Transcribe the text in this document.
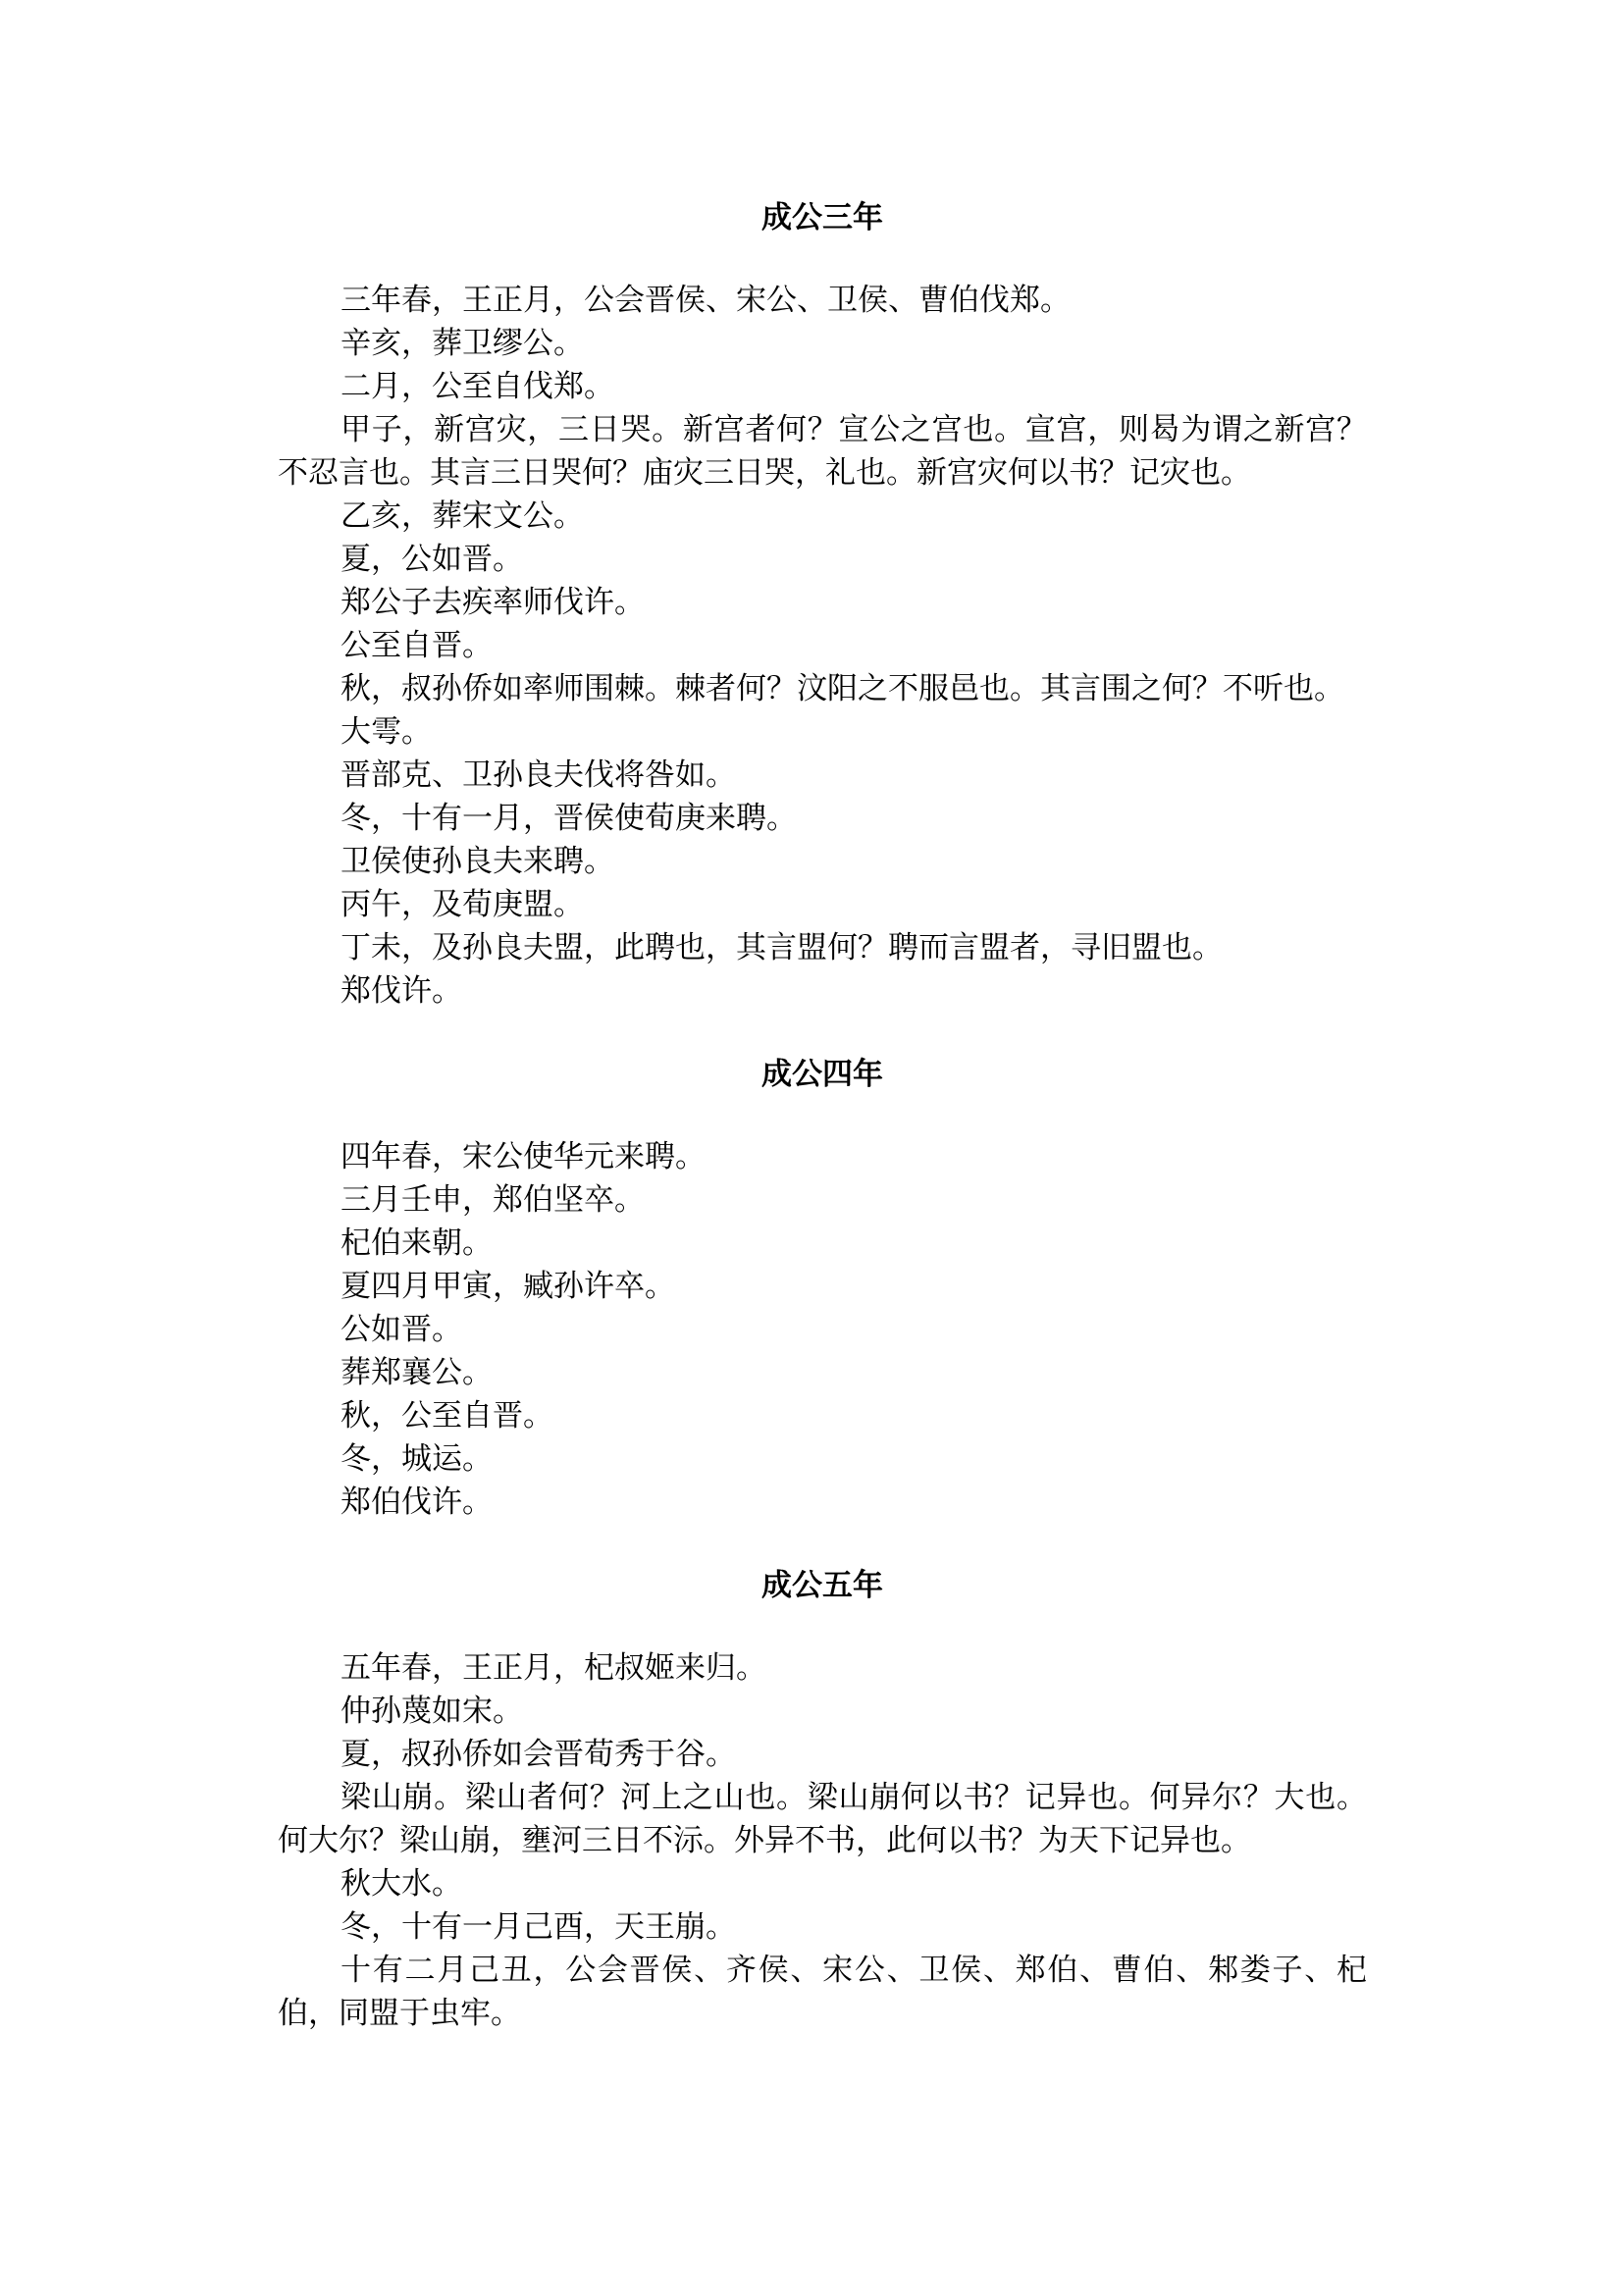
成公三年

三年春，王正月，公会晋侯、宋公、卫侯、曹伯伐郑。

辛亥，葬卫缪公。

二月，公至自伐郑。

甲子，新宫灾，三日哭。新宫者何？宣公之宫也。宣宫，则曷为谓之新宫？不忍言也。其言三日哭何？庙灾三日哭，礼也。新宫灾何以书？记灾也。

乙亥，葬宋文公。

夏，公如晋。

郑公子去疾率师伐许。

公至自晋。

秋，叔孙侨如率师围棘。棘者何？汶阳之不服邑也。其言围之何？不听也。

大雩。

晋部克、卫孙良夫伐将咎如。

冬，十有一月，晋侯使荀庚来聘。

卫侯使孙良夫来聘。

丙午，及荀庚盟。

丁未，及孙良夫盟，此聘也，其言盟何？聘而言盟者，寻旧盟也。

郑伐许。

成公四年

四年春，宋公使华元来聘。

三月壬申，郑伯坚卒。

杞伯来朝。

夏四月甲寅，臧孙许卒。

公如晋。

葬郑襄公。

秋，公至自晋。

冬，城运。

郑伯伐许。

成公五年

五年春，王正月，杞叔姬来归。

仲孙蔑如宋。

夏，叔孙侨如会晋荀秀于谷。

梁山崩。梁山者何？河上之山也。梁山崩何以书？记异也。何异尔？大也。何大尔？梁山崩，壅河三日不沶。外异不书，此何以书？为天下记异也。

秋大水。

冬，十有一月己酉，天王崩。

十有二月己丑，公会晋侯、齐侯、宋公、卫侯、郑伯、曹伯、邾娄子、杞伯，同盟于虫牢。
